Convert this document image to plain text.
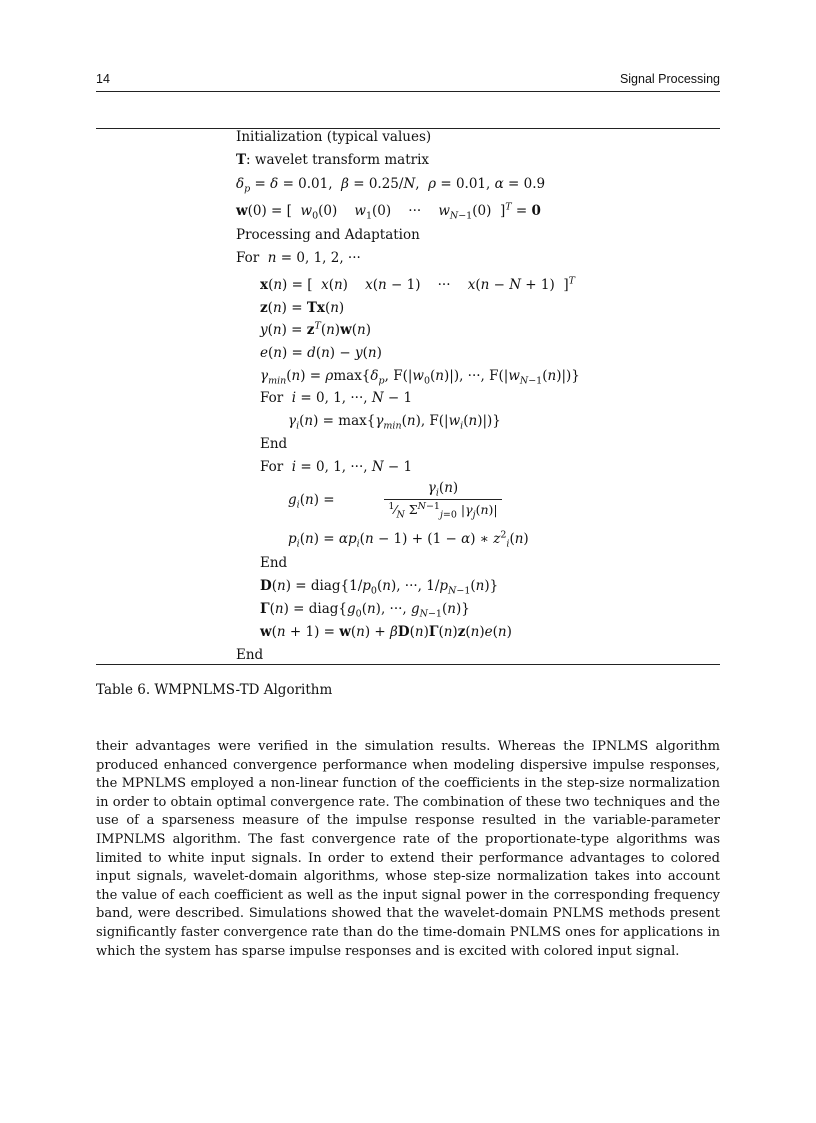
14	Signal Processing
Initialization (typical values)
T: wavelet transform matrix
$\delta_p = \delta = 0.01$,  β = 0.25/N,  ρ = 0.01, α = 0.9
w(0) = [  $w_0(0)$    $w_1(0)$    ···    $w_{N-1}(0) ]^T = 0$
Processing and Adaptation
For  n = 0, 1, 2, ···
x(n) = [  x(n)    x(n − 1)    ···    x(n − N + 1)  ]$^T$
z(n) = Tx(n)
$y(n) = z^T(n)w(n)$
e(n) = d(n) − y(n)
$\gamma_{min}(n) = \rho\max\{\delta_p$, $F(|w_0(n)|)$, ···, $F(|w_{N-1}(n)|)$}
For  i = 0, 1, ···, N − 1
$\gamma_i(n) = \max\{\gamma_{min}(n)$, $F(|w_i(n)|)$}
End
For  i = 0, 1, ···, N − 1
$g_i(n)$ =
$\gamma_i(n)$
$^1⁄_N$ $\Sigma^{N-1}_{j=0}$ $|\gamma_j(n)|$
$p_i(n) = \alpha p_i(n - 1) + (1 - \alpha)$ ∗ $z^2_i(n)$
End
$D(n) = diag\{1/p_0(n)$, ···, $1/p_{N-1}(n)$}
$\Gamma(n) = diag\{g_0(n)$, ···, $g_{N-1}(n)$}
w(n + 1) = w(n) + βD(n)Γ(n)z(n)e(n)
End
Table 6. WMPNLMS-TD Algorithm
their advantages were verified in the simulation results. Whereas the IPNLMS algorithm produced enhanced convergence performance when modeling dispersive impulse responses, the MPNLMS employed a non-linear function of the coefficients in the step-size normalization in order to obtain optimal convergence rate. The combination of these two techniques and the use of a sparseness measure of the impulse response resulted in the variable-parameter IMPNLMS algorithm. The fast convergence rate of the proportionate-type algorithms was limited to white input signals. In order to extend their performance advantages to colored input signals, wavelet-domain algorithms, whose step-size normalization takes into account the value of each coefficient as well as the input signal power in the corresponding frequency band, were described. Simulations showed that the wavelet-domain PNLMS methods present significantly faster convergence rate than do the time-domain PNLMS ones for applications in which the system has sparse impulse responses and is excited with colored input signal.
